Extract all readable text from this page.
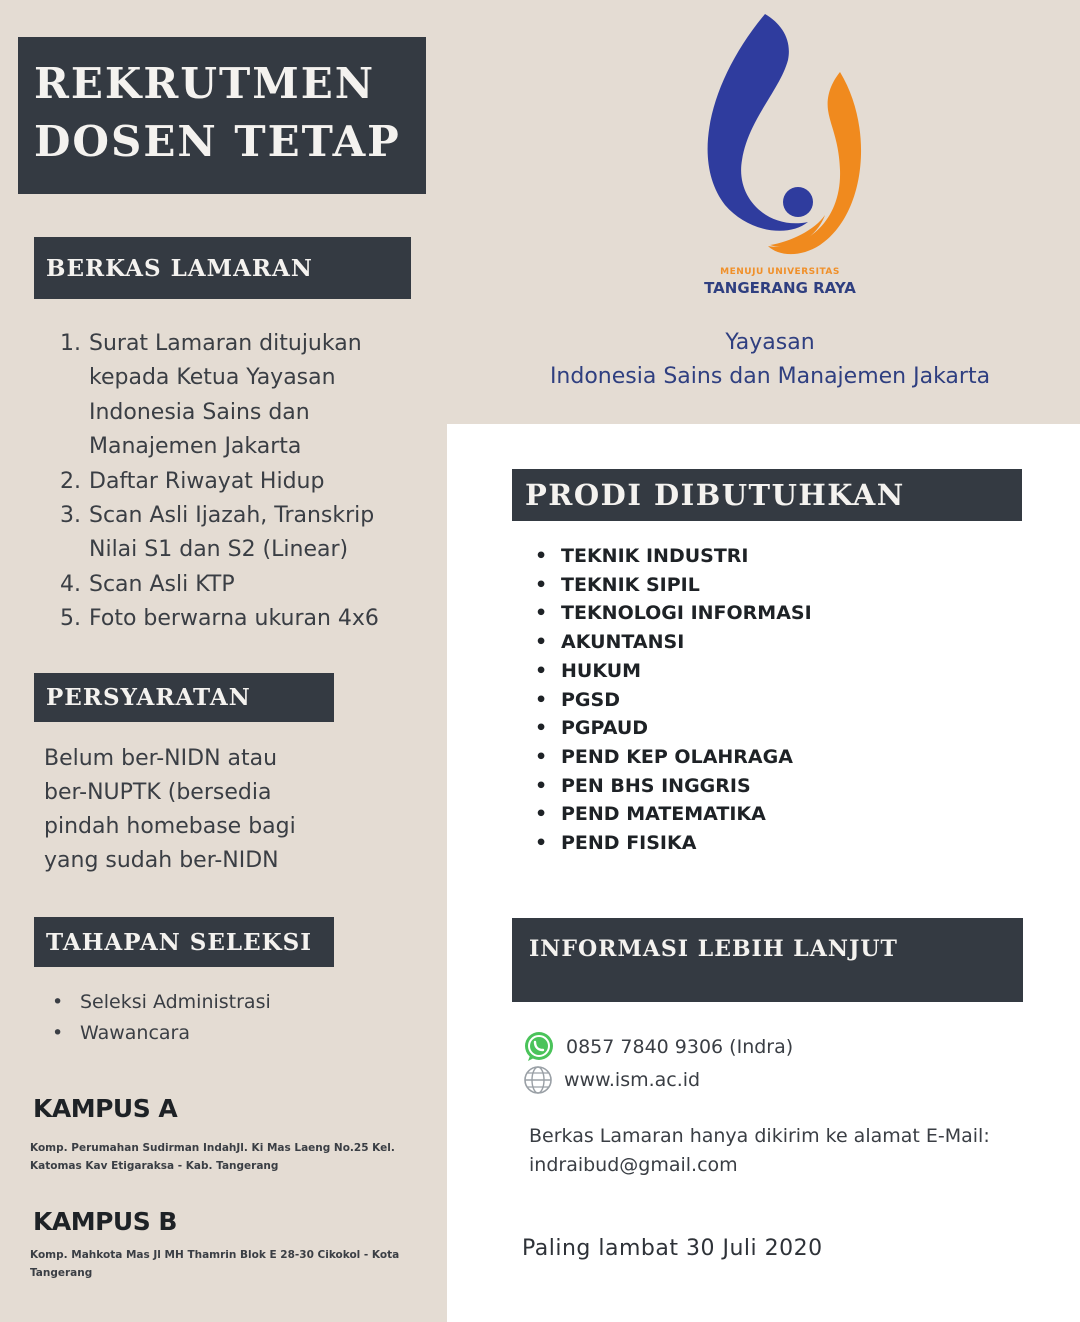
REKRUTMEN
DOSEN TETAP
BERKAS LAMARAN
1. Surat Lamaran ditujukan
kepada Ketua Yayasan
Indonesia Sains dan
Manajemen Jakarta
2. Daftar Riwayat Hidup
3. Scan Asli Ijazah, Transkrip
Nilai S1 dan S2 (Linear)
4. Scan Asli KTP
5. Foto berwarna ukuran 4x6
PERSYARATAN

Belum ber-NIDN atau
ber-NUPTK (bersedia
pindah homebase bagi
yang sudah ber-NIDN

TAHAPAN SELEKSI
• Seleksi Administrasi
• Wawancara
KAMPUS A
Komp. Perumahan Sudirman IndahJl. Ki Mas Laeng No.25 Kel.
Katomas Kav Etigaraksa - Kab. Tangerang
KAMPUS B
Komp. Mahkota Mas Jl MH Thamrin Blok E 28-30 Cikokol - Kota
Tangerang
MENUJU UNIVERSITAS
TANGERANG RAYA
Yayasan
Indonesia Sains dan Manajemen Jakarta
PRODI DIBUTUHKAN
• TEKNIK INDUSTRI
• TEKNIK SIPIL
• TEKNOLOGI INFORMASI
• AKUNTANSI
• HUKUM
• PGSD
• PGPAUD
• PEND KEP OLAHRAGA
• PEN BHS INGGRIS
• PEND MATEMATIKA
• PEND FISIKA
INFORMASI LEBIH LANJUT
0857 7840 9306 (Indra)
www.ism.ac.id

Berkas Lamaran hanya dikirim ke alamat E-Mail:
indraibud@gmail.com

Paling lambat 30 Juli 2020
